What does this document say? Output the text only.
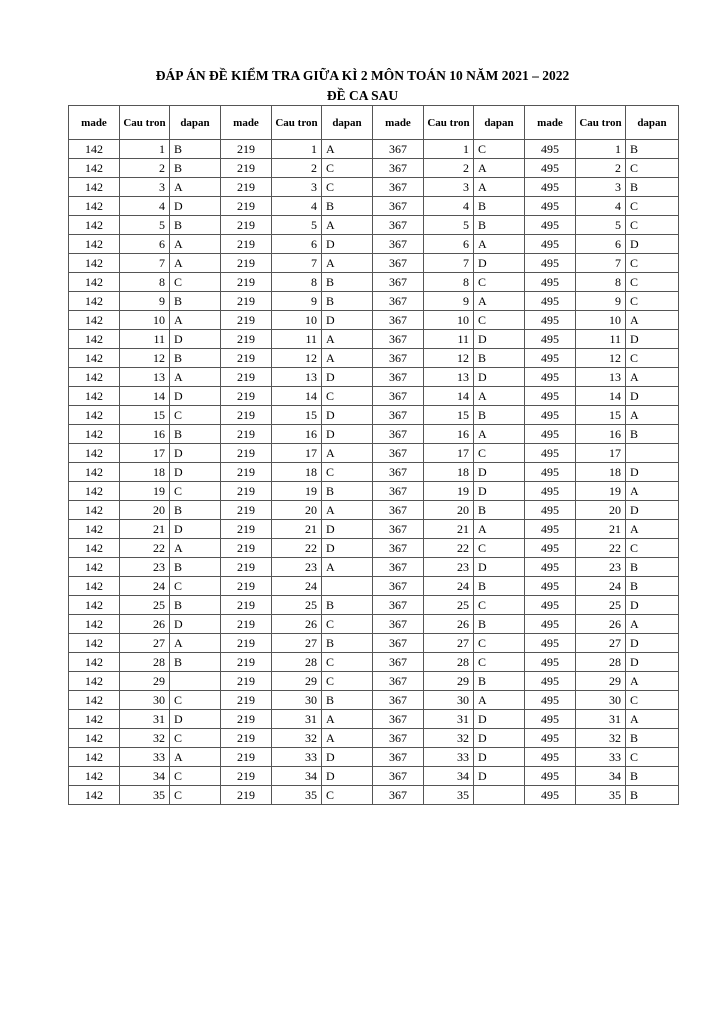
ĐÁP ÁN ĐỀ KIỂM TRA GIỮA KÌ 2 MÔN TOÁN 10 NĂM 2021 – 2022
ĐỀ CA SAU
made	Cau tron	dapan	made	Cau tron	dapan	made	Cau tron	dapan	made	Cau tron	dapan
142	1	B	219	1	A	367	1	C	495	1	B
142	2	B	219	2	C	367	2	A	495	2	C
142	3	A	219	3	C	367	3	A	495	3	B
142	4	D	219	4	B	367	4	B	495	4	C
142	5	B	219	5	A	367	5	B	495	5	C
142	6	A	219	6	D	367	6	A	495	6	D
142	7	A	219	7	A	367	7	D	495	7	C
142	8	C	219	8	B	367	8	C	495	8	C
142	9	B	219	9	B	367	9	A	495	9	C
142	10	A	219	10	D	367	10	C	495	10	A
142	11	D	219	11	A	367	11	D	495	11	D
142	12	B	219	12	A	367	12	B	495	12	C
142	13	A	219	13	D	367	13	D	495	13	A
142	14	D	219	14	C	367	14	A	495	14	D
142	15	C	219	15	D	367	15	B	495	15	A
142	16	B	219	16	D	367	16	A	495	16	B
142	17	D	219	17	A	367	17	C	495	17	
142	18	D	219	18	C	367	18	D	495	18	D
142	19	C	219	19	B	367	19	D	495	19	A
142	20	B	219	20	A	367	20	B	495	20	D
142	21	D	219	21	D	367	21	A	495	21	A
142	22	A	219	22	D	367	22	C	495	22	C
142	23	B	219	23	A	367	23	D	495	23	B
142	24	C	219	24		367	24	B	495	24	B
142	25	B	219	25	B	367	25	C	495	25	D
142	26	D	219	26	C	367	26	B	495	26	A
142	27	A	219	27	B	367	27	C	495	27	D
142	28	B	219	28	C	367	28	C	495	28	D
142	29		219	29	C	367	29	B	495	29	A
142	30	C	219	30	B	367	30	A	495	30	C
142	31	D	219	31	A	367	31	D	495	31	A
142	32	C	219	32	A	367	32	D	495	32	B
142	33	A	219	33	D	367	33	D	495	33	C
142	34	C	219	34	D	367	34	D	495	34	B
142	35	C	219	35	C	367	35		495	35	B
